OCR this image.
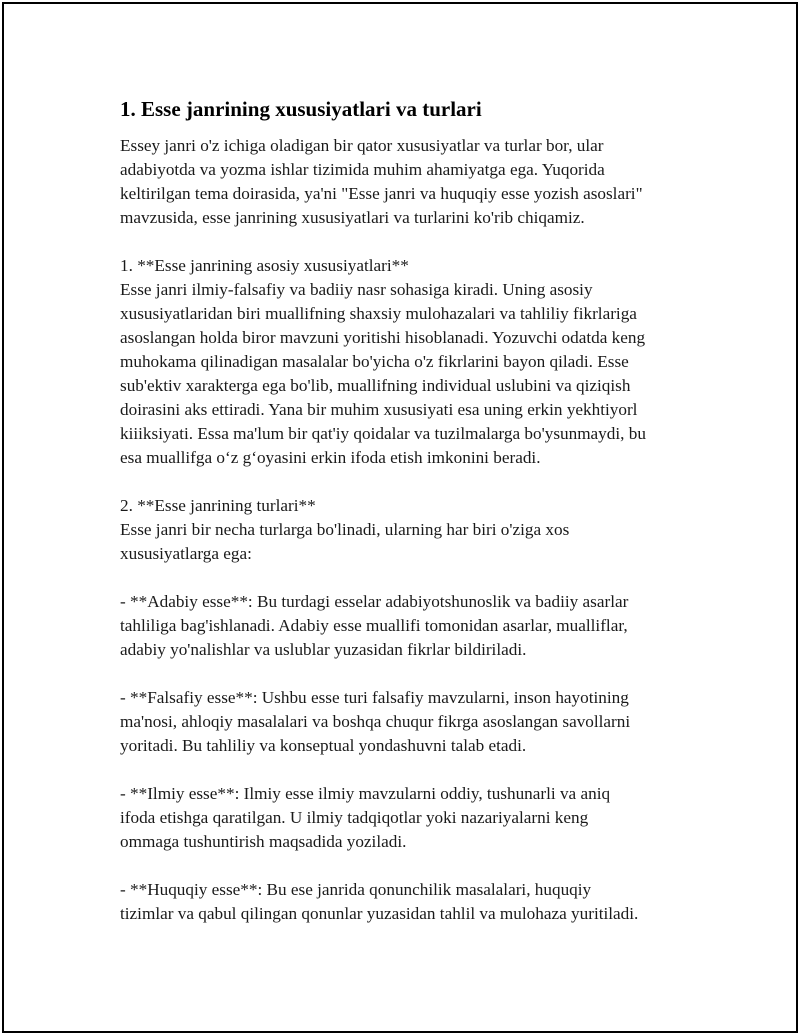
1. Esse janrining xususiyatlari va turlari

Essey janri o'z ichiga oladigan bir qator xususiyatlar va turlar bor, ular
adabiyotda va yozma ishlar tizimida muhim ahamiyatga ega. Yuqorida
keltirilgan tema doirasida, ya'ni "Esse janri va huquqiy esse yozish asoslari"
mavzusida, esse janrining xususiyatlari va turlarini ko'rib chiqamiz.

1. **Esse janrining asosiy xususiyatlari**

Esse janri ilmiy-falsafiy va badiiy nasr sohasiga kiradi. Uning asosiy
xususiyatlaridan biri muallifning shaxsiy mulohazalari va tahliliy fikrlariga
asoslangan holda biror mavzuni yoritishi hisoblanadi. Yozuvchi odatda keng
muhokama qilinadigan masalalar bo'yicha o'z fikrlarini bayon qiladi. Esse
sub'ektiv xarakterga ega bo'lib, muallifning individual uslubini va qiziqish
doirasini aks ettiradi. Yana bir muhim xususiyati esa uning erkin yekhtiyorl
kiiiksiyati. Essa ma'lum bir qat'iy qoidalar va tuzilmalarga bo'ysunmaydi, bu
esa muallifga o‘z g‘oyasini erkin ifoda etish imkonini beradi.

2. **Esse janrining turlari**

Esse janri bir necha turlarga bo'linadi, ularning har biri o'ziga xos
xususiyatlarga ega:

- **Adabiy esse**: Bu turdagi esselar adabiyotshunoslik va badiiy asarlar
tahliliga bag'ishlanadi. Adabiy esse muallifi tomonidan asarlar, mualliflar,
adabiy yo'nalishlar va uslublar yuzasidan fikrlar bildiriladi.

- **Falsafiy esse**: Ushbu esse turi falsafiy mavzularni, inson hayotining
ma'nosi, ahloqiy masalalari va boshqa chuqur fikrga asoslangan savollarni
yoritadi. Bu tahliliy va konseptual yondashuvni talab etadi.

- **Ilmiy esse**: Ilmiy esse ilmiy mavzularni oddiy, tushunarli va aniq
ifoda etishga qaratilgan. U ilmiy tadqiqotlar yoki nazariyalarni keng
ommaga tushuntirish maqsadida yoziladi.

- **Huquqiy esse**: Bu ese janrida qonunchilik masalalari, huquqiy
tizimlar va qabul qilingan qonunlar yuzasidan tahlil va mulohaza yuritiladi.
